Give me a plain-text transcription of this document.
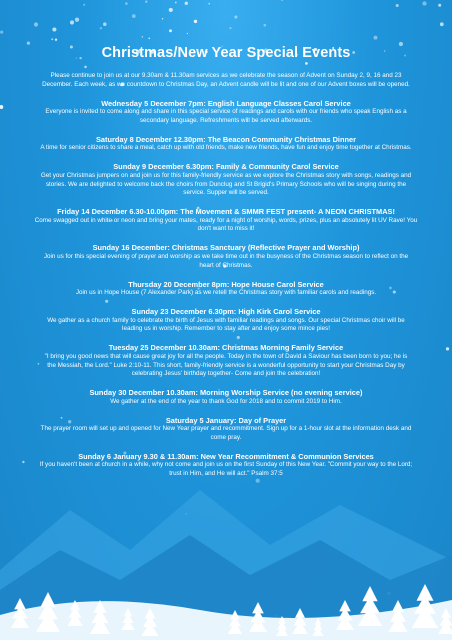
Christmas/New Year Special Events
Please continue to join us at our 9.30am & 11.30am services as we celebrate the season of Advent on Sunday 2, 9, 16 and 23 December. Each week, as we countdown to Christmas Day, an Advent candle will be lit and one of our Advent boxes will be opened.
Wednesday 5 December 7pm: English Language Classes Carol Service

Everyone is invited to come along and share in this special service of readings and carols with our friends who speak English as a secondary language. Refreshments will be served afterwards.

Saturday 8 December 12.30pm: The Beacon Community Christmas Dinner

A time for senior citizens to share a meal, catch up with old friends, make new friends, have fun and enjoy time together at Christmas.

Sunday 9 December 6.30pm: Family & Community Carol Service

Get your Christmas jumpers on and join us for this family-friendly service as we explore the Christmas story with songs, readings and stories. We are delighted to welcome back the choirs from Dunclug and St Brigid's Primary Schools who will be singing during the service. Supper will be served.

Friday 14 December 6.30-10.00pm: The Movement & SMMR FEST present- A NEON CHRISTMAS!

Come swagged out in white or neon and bring your mates, ready for a night of worship, words, prizes, plus an absolutely lit UV Rave! You don't want to miss it!

Sunday 16 December: Christmas Sanctuary (Reflective Prayer and Worship)

Join us for this special evening of prayer and worship as we take time out in the busyness of the Christmas season to reflect on the heart of Christmas.

Thursday 20 December 8pm: Hope House Carol Service

Join us in Hope House (7 Alexander Park) as we retell the Christmas story with familiar carols and readings.

Sunday 23 December 6.30pm: High Kirk Carol Service

We gather as a church family to celebrate the birth of Jesus with familiar readings and songs. Our special Christmas choir will be leading us in worship. Remember to stay after and enjoy some mince pies!

Tuesday 25 December 10.30am: Christmas Morning Family Service

"I bring you good news that will cause great joy for all the people. Today in the town of David a Saviour has been born to you; he is the Messiah, the Lord." Luke 2:10-11. This short, family-friendly service is a wonderful opportunity to start your Christmas Day by celebrating Jesus' birthday together- Come and join the celebration!

Sunday 30 December 10.30am: Morning Worship Service (no evening service)

We gather at the end of the year to thank God for 2018 and to commit 2019 to Him.

Saturday 5 January: Day of Prayer

The prayer room will set up and opened for New Year prayer and recommitment. Sign up for a 1-hour slot at the information desk and come pray.

Sunday 6 January 9.30 & 11.30am: New Year Recommitment & Communion Services

If you haven't been at church in a while, why not come and join us on the first Sunday of this New Year. "Commit your way to the Lord; trust in Him, and He will act." Psalm 37:5
